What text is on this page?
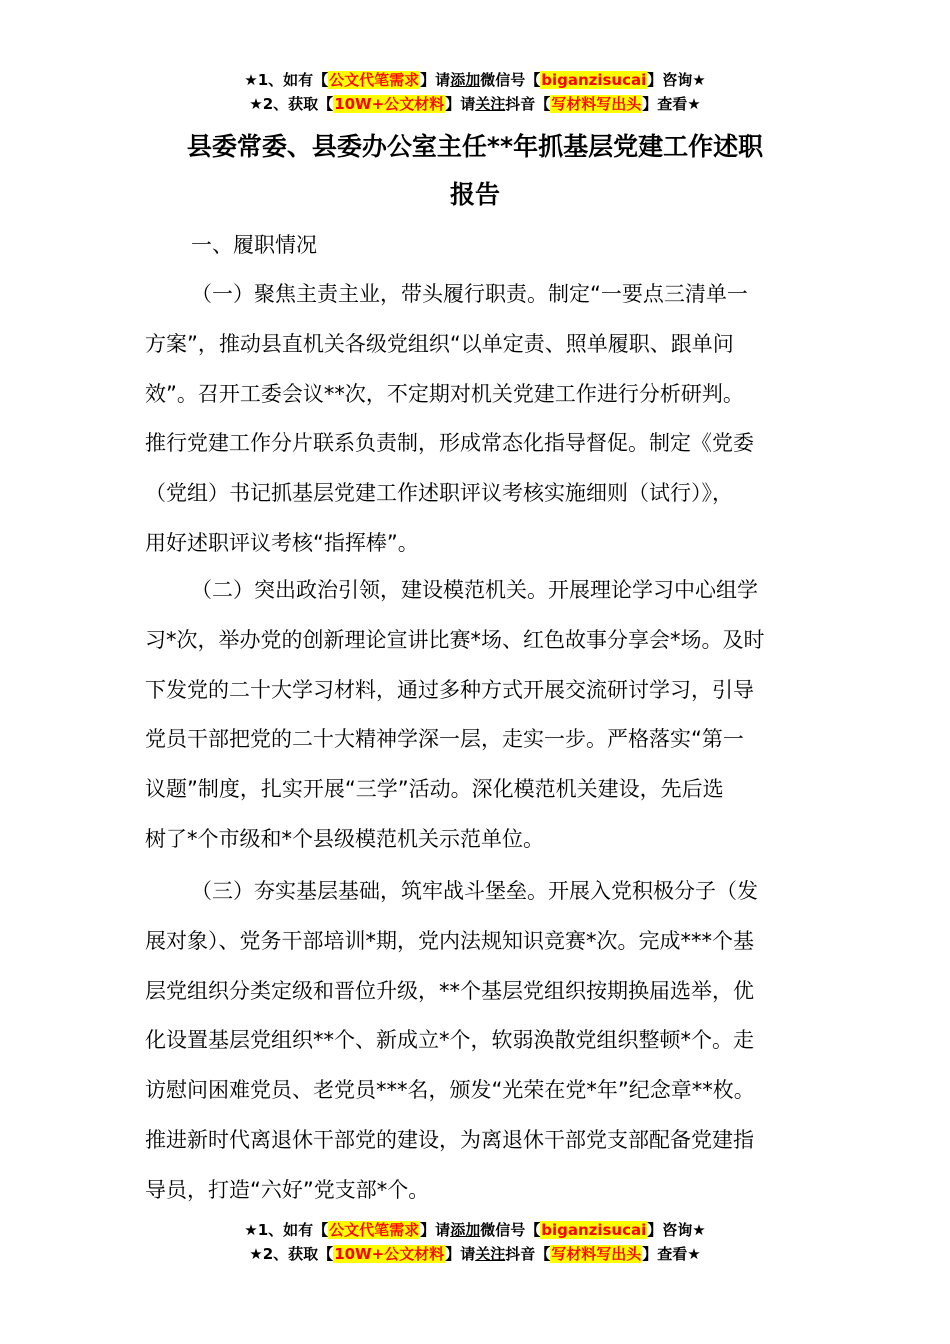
★1、如有【公文代笔需求】请添加微信号【biganzisucai】咨询★
★2、获取【10W+公文材料】请关注抖音【写材料写出头】查看★
县委常委、县委办公室主任**年抓基层党建工作述职
报告
一、履职情况
（一）聚焦主责主业，带头履行职责。制定“一要点三清单一
方案”，推动县直机关各级党组织“以单定责、照单履职、跟单问
效”。召开工委会议**次，不定期对机关党建工作进行分析研判。
推行党建工作分片联系负责制，形成常态化指导督促。制定《党委
（党组）书记抓基层党建工作述职评议考核实施细则（试行）》，
用好述职评议考核“指挥棒”。
（二）突出政治引领，建设模范机关。开展理论学习中心组学
习*次，举办党的创新理论宣讲比赛*场、红色故事分享会*场。及时
下发党的二十大学习材料，通过多种方式开展交流研讨学习，引导
党员干部把党的二十大精神学深一层，走实一步。严格落实“第一
议题”制度，扎实开展“三学”活动。深化模范机关建设，先后选
树了*个市级和*个县级模范机关示范单位。
（三）夯实基层基础，筑牢战斗堡垒。开展入党积极分子（发
展对象）、党务干部培训*期，党内法规知识竞赛*次。完成***个基
层党组织分类定级和晋位升级，**个基层党组织按期换届选举，优
化设置基层党组织**个、新成立*个，软弱涣散党组织整顿*个。走
访慰问困难党员、老党员***名，颁发“光荣在党*年”纪念章**枚。
推进新时代离退休干部党的建设，为离退休干部党支部配备党建指
导员，打造“六好”党支部*个。
★1、如有【公文代笔需求】请添加微信号【biganzisucai】咨询★
★2、获取【10W+公文材料】请关注抖音【写材料写出头】查看★
